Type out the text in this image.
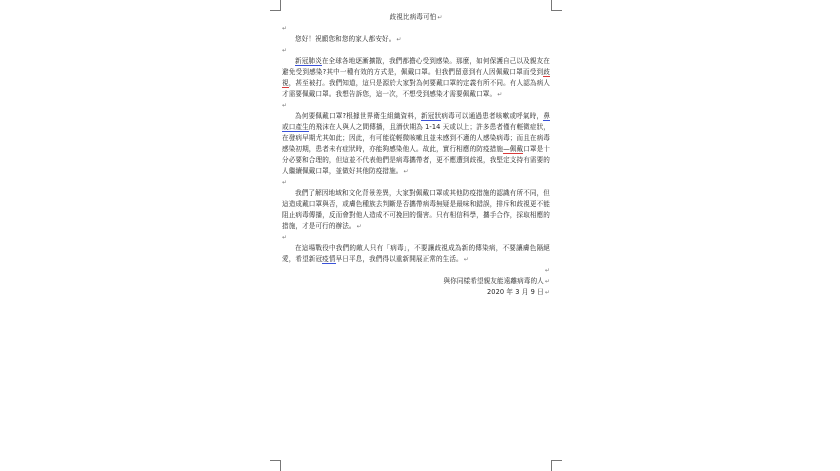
歧視比病毒可怕↵
↵
您好！祝願您和您的家人都安好。↵
↵
新冠肺炎在全球各地逐漸擴散，我們都擔心受到感染。那麼，如何保護自己以及親友在避免受到感染?其中一種有效的方式是，佩戴口罩。但我們留意到有人因佩戴口罩而受到歧視，甚至被打。我們知道，這只是源於大家對為何要戴口罩的定義有所不同。有人認為病人才需要佩戴口罩。我想告訴您，這一次，不想受到感染才需要佩戴口罩。↵
↵
為何要佩戴口罩?根據世界衛生組織資料，新冠狀病毒可以通過患者咳嗽或呼氣時，鼻或口產生的飛沫在人與人之間傳播，且潛伏期為 1-14 天或以上；許多患者僅有輕微症狀，在發病早期尤其如此；因此，有可能從輕微咳嗽且並未感到不適的人感染病毒；而且在病毒感染初期，患者未有症狀時，亦能夠感染他人。故此，實行相應的防疫措施—佩戴口罩是十分必要和合理的，但這並不代表他們是病毒攜帶者，更不應遭到歧視，我堅定支持有需要的人繼續佩戴口罩，並做好其他防疫措施。↵
↵
我們了解因地域和文化背景差異，大家對佩戴口罩或其他防疫措施的認識有所不同，但這造成戴口罩與否，或膚色種族去判斷是否攜帶病毒無疑是最味和錯誤，排斥和歧視更不能阻止病毒傳播，反而會對他人造成不可挽回的傷害。只有相信科學，攜手合作，採取相應的措施，才是可行的辦法。↵
↵
在這場戰役中我們的敵人只有「病毒」，不要讓歧視成為新的傳染病，不要讓膚色隔絕愛，希望新冠疫情早日平息，我們得以重新開展正常的生活。↵
↵
與你同樣希望親友能遠離病毒的人↵
2020 年 3 月 9 日↵
